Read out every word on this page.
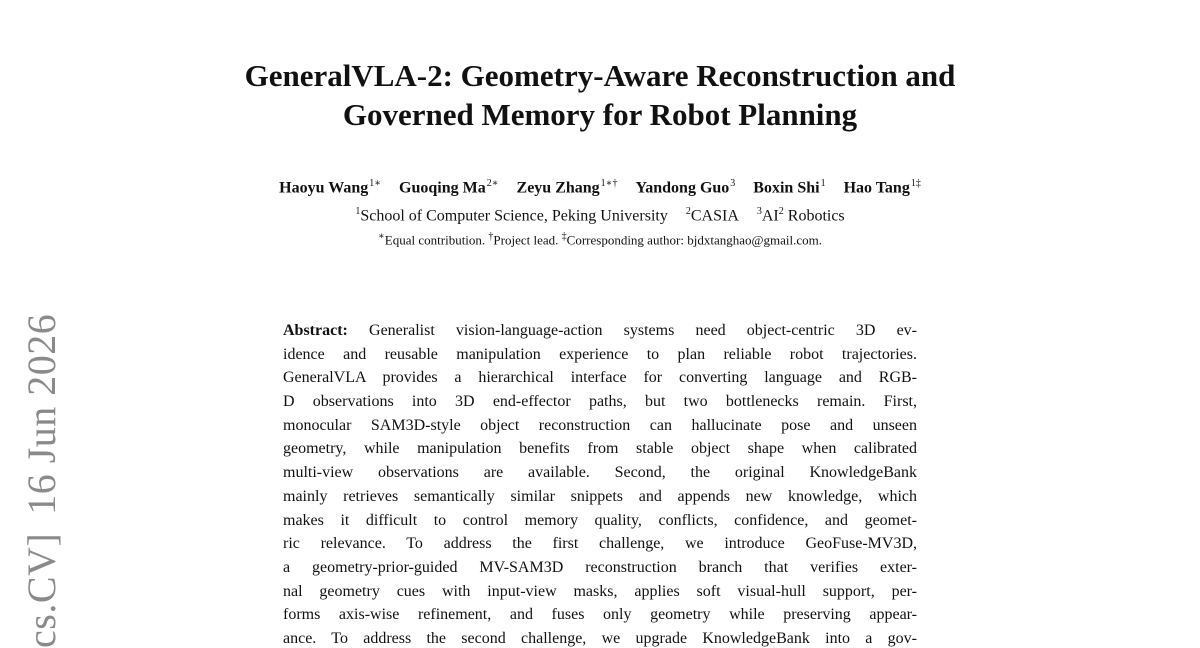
GeneralVLA-2: Geometry-Aware Reconstruction and
Governed Memory for Robot Planning
Haoyu Wang$^{1∗}$ Guoqing $Ma^{2∗}$ Zeyu Zhang$^{1∗\dagger}$ Yandong Guo$^3$ Boxin Shi$^1$ Hao Tang$^{1\ddagger}$
$^1$School of Computer Science, Peking University $^2$CASIA $^3AI^2$ Robotics
∗Equal contribution. †Project lead. ‡Corresponding author: bjdxtanghao@gmail.com.
cs.CV]16 Jun 2026	Abstract: Generalist vision-language-action systems need object-centric 3D ev-
idence and reusable manipulation experience to plan reliable robot trajectories.
GeneralVLA provides a hierarchical interface for converting language and RGB-
D observations into 3D end-effector paths, but two bottlenecks remain. First,
monocular SAM3D-style object reconstruction can hallucinate pose and unseen
geometry, while manipulation benefits from stable object shape when calibrated
multi-view observations are available. Second, the original KnowledgeBank
mainly retrieves semantically similar snippets and appends new knowledge, which
makes it difficult to control memory quality, conflicts, confidence, and geomet-
ric relevance. To address the first challenge, we introduce GeoFuse-MV3D,
a geometry-prior-guided MV-SAM3D reconstruction branch that verifies exter-
nal geometry cues with input-view masks, applies soft visual-hull support, per-
forms axis-wise refinement, and fuses only geometry while preserving appear-
ance. To address the second challenge, we upgrade KnowledgeBank into a gov-
